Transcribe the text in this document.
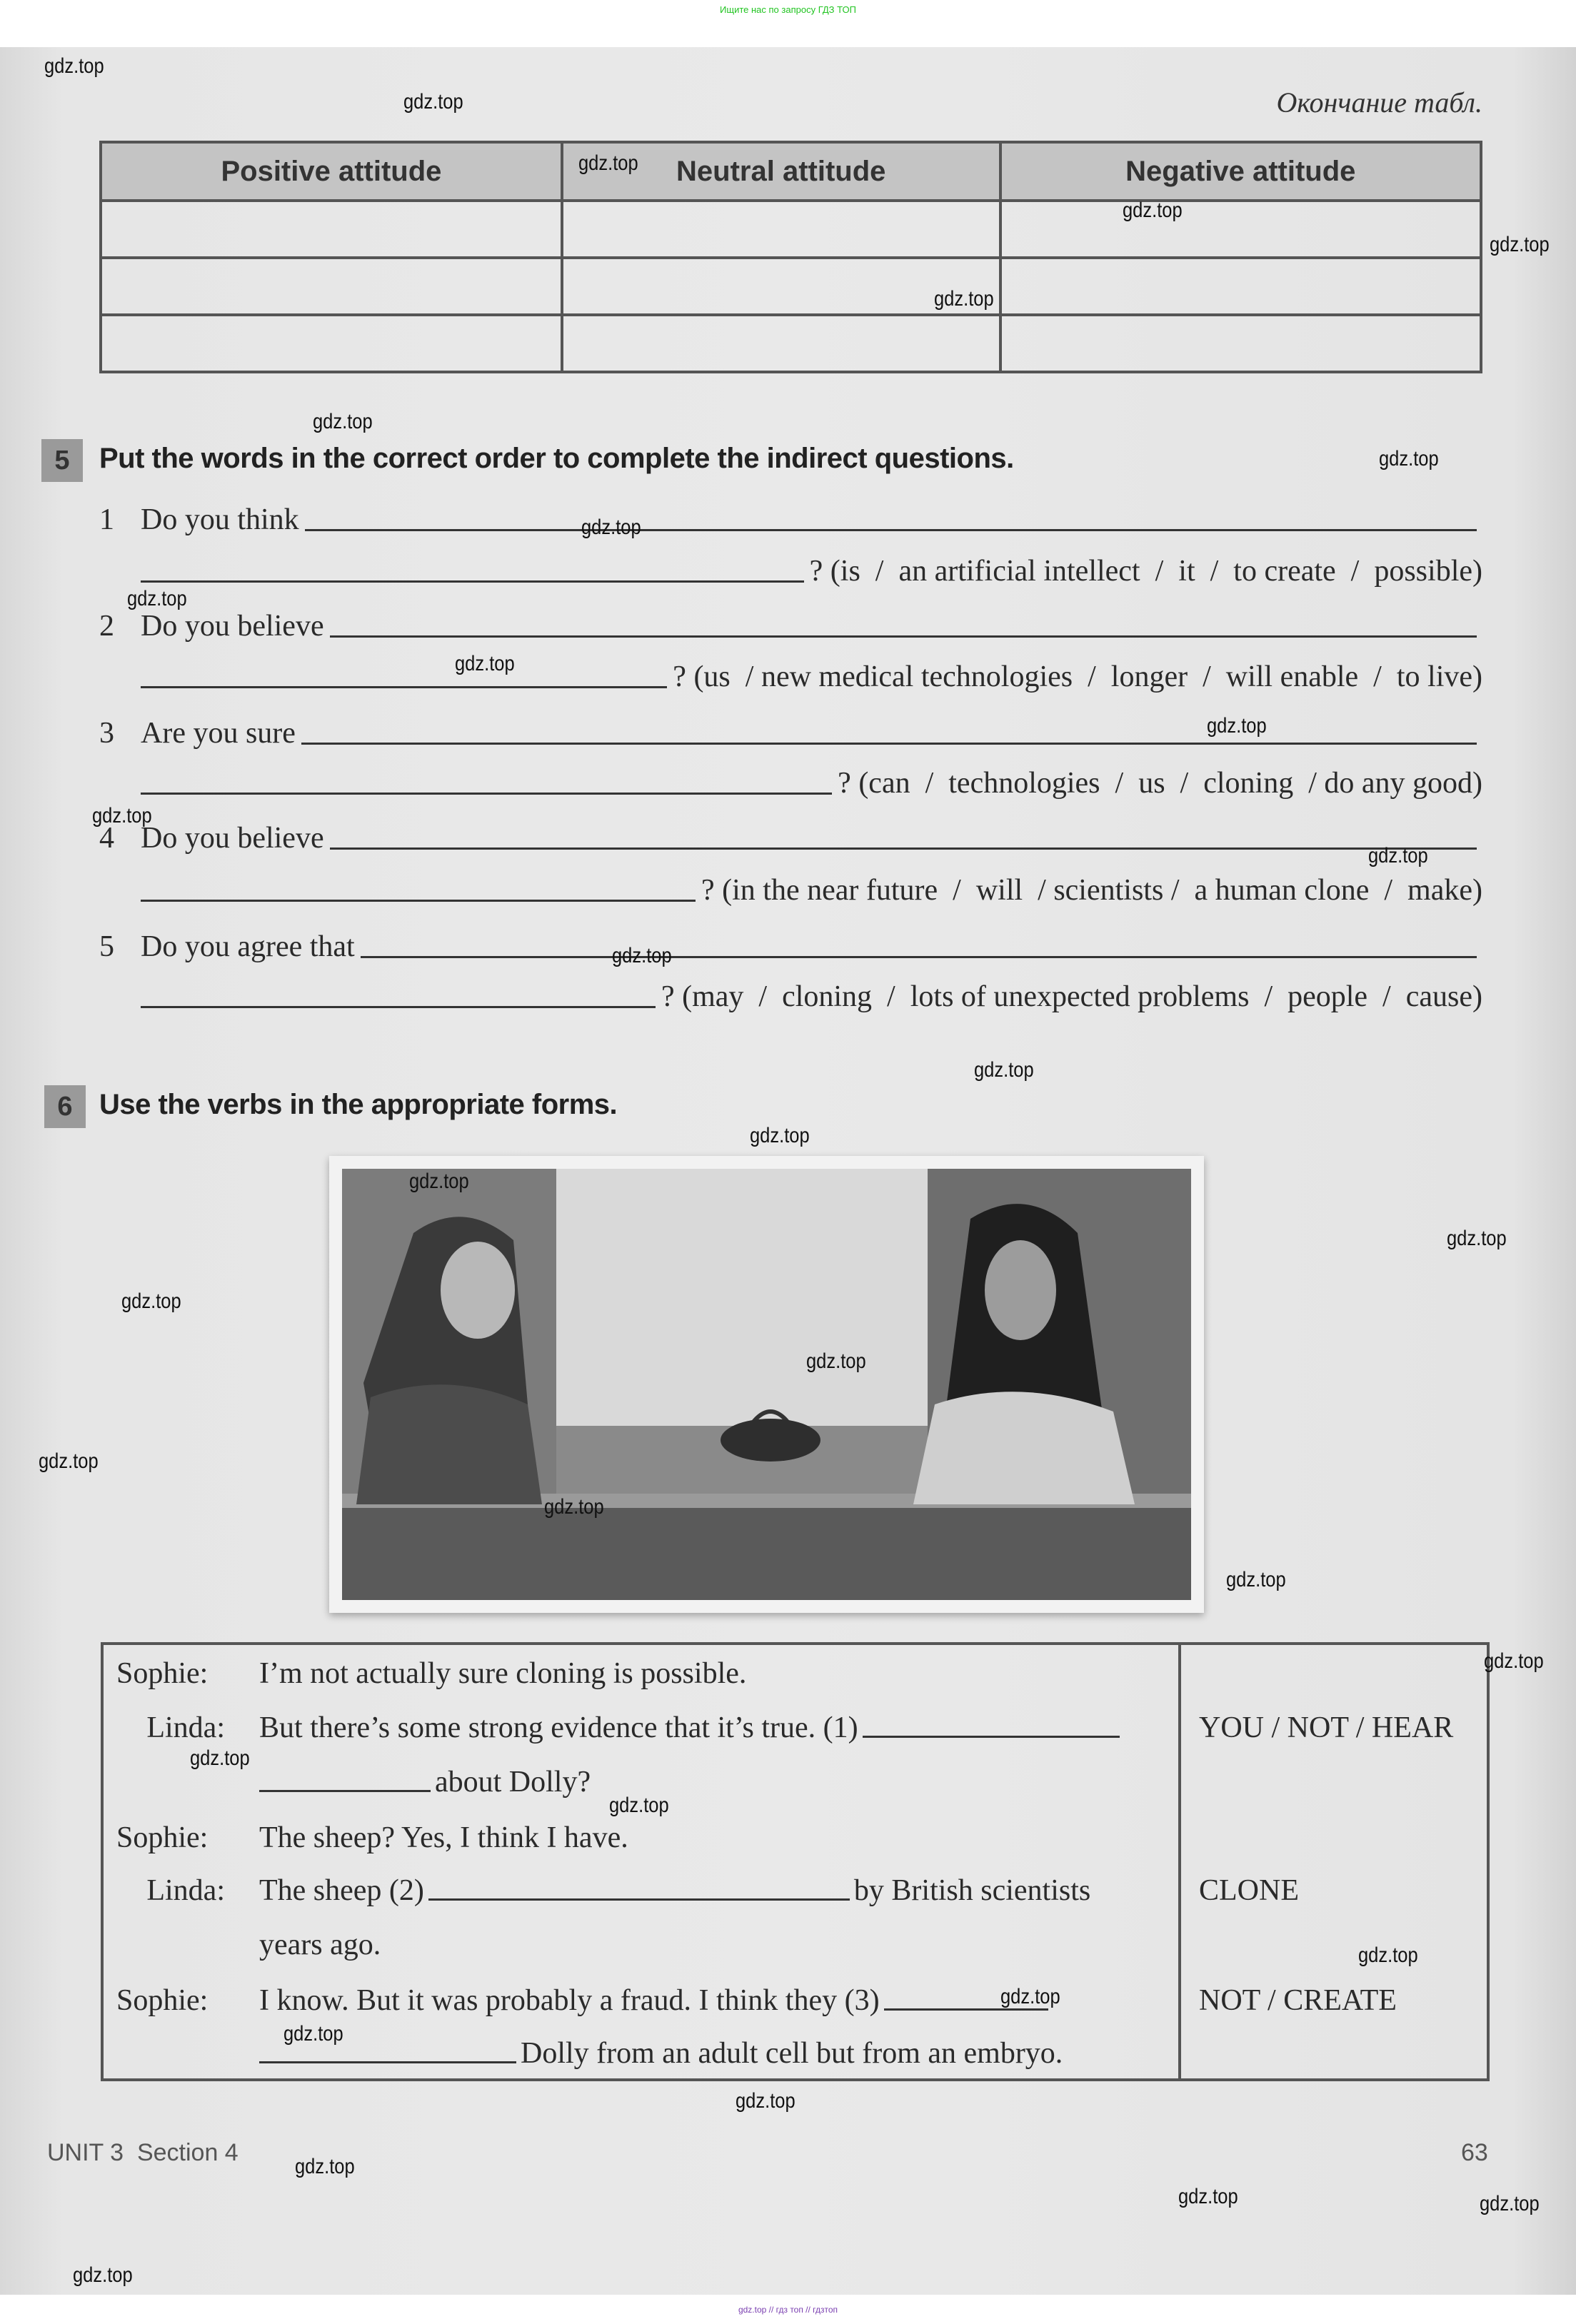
Ищите нас по запросу ГДЗ ТОП
gdz.top // гдз топ // гдзтоп
Окончание табл.
Positive attitude	Neutral attitude	Negative attitude

5	Put the words in the correct order to complete the indirect questions.
1 Do you think
? (is  /  an artificial intellect  /  it  /  to create  /  possible)
2 Do you believe
? (us  / new medical technologies  /  longer  /  will enable  /  to live)
3 Are you sure
? (can  /  technologies  /  us  /  cloning  / do any good)
4 Do you believe
? (in the near future  /  will  / scientists /  a human clone  /  make)
5 Do you agree that
? (may  /  cloning  /  lots of unexpected problems  /  people  /  cause)
6 Use the verbs in the appropriate forms.
Sophie: I’m not actually sure cloning is possible.
Linda: But there’s some strong evidence that it’s true. (1)	YOU / NOT / HEAR
about Dolly?
Sophie: The sheep? Yes, I think I have.
Linda: The sheep (2)	by British scientists	CLONE
years ago.
Sophie: I know. But it was probably a fraud. I think they (3)	NOT / CREATE
Dolly from an adult cell but from an embryo.
UNIT 3  Section 4	63
gdz.top
gdz.top
gdz.top
gdz.top
gdz.top
gdz.top
gdz.top
gdz.top
gdz.top
gdz.top
gdz.top
gdz.top
gdz.top
gdz.top
gdz.top
gdz.top
gdz.top
gdz.top
gdz.top
gdz.top
gdz.top
gdz.top
gdz.top
gdz.top
gdz.top
gdz.top
gdz.top
gdz.top
gdz.top
gdz.top
gdz.top
gdz.top
gdz.top	gdz.top
gdz.top
